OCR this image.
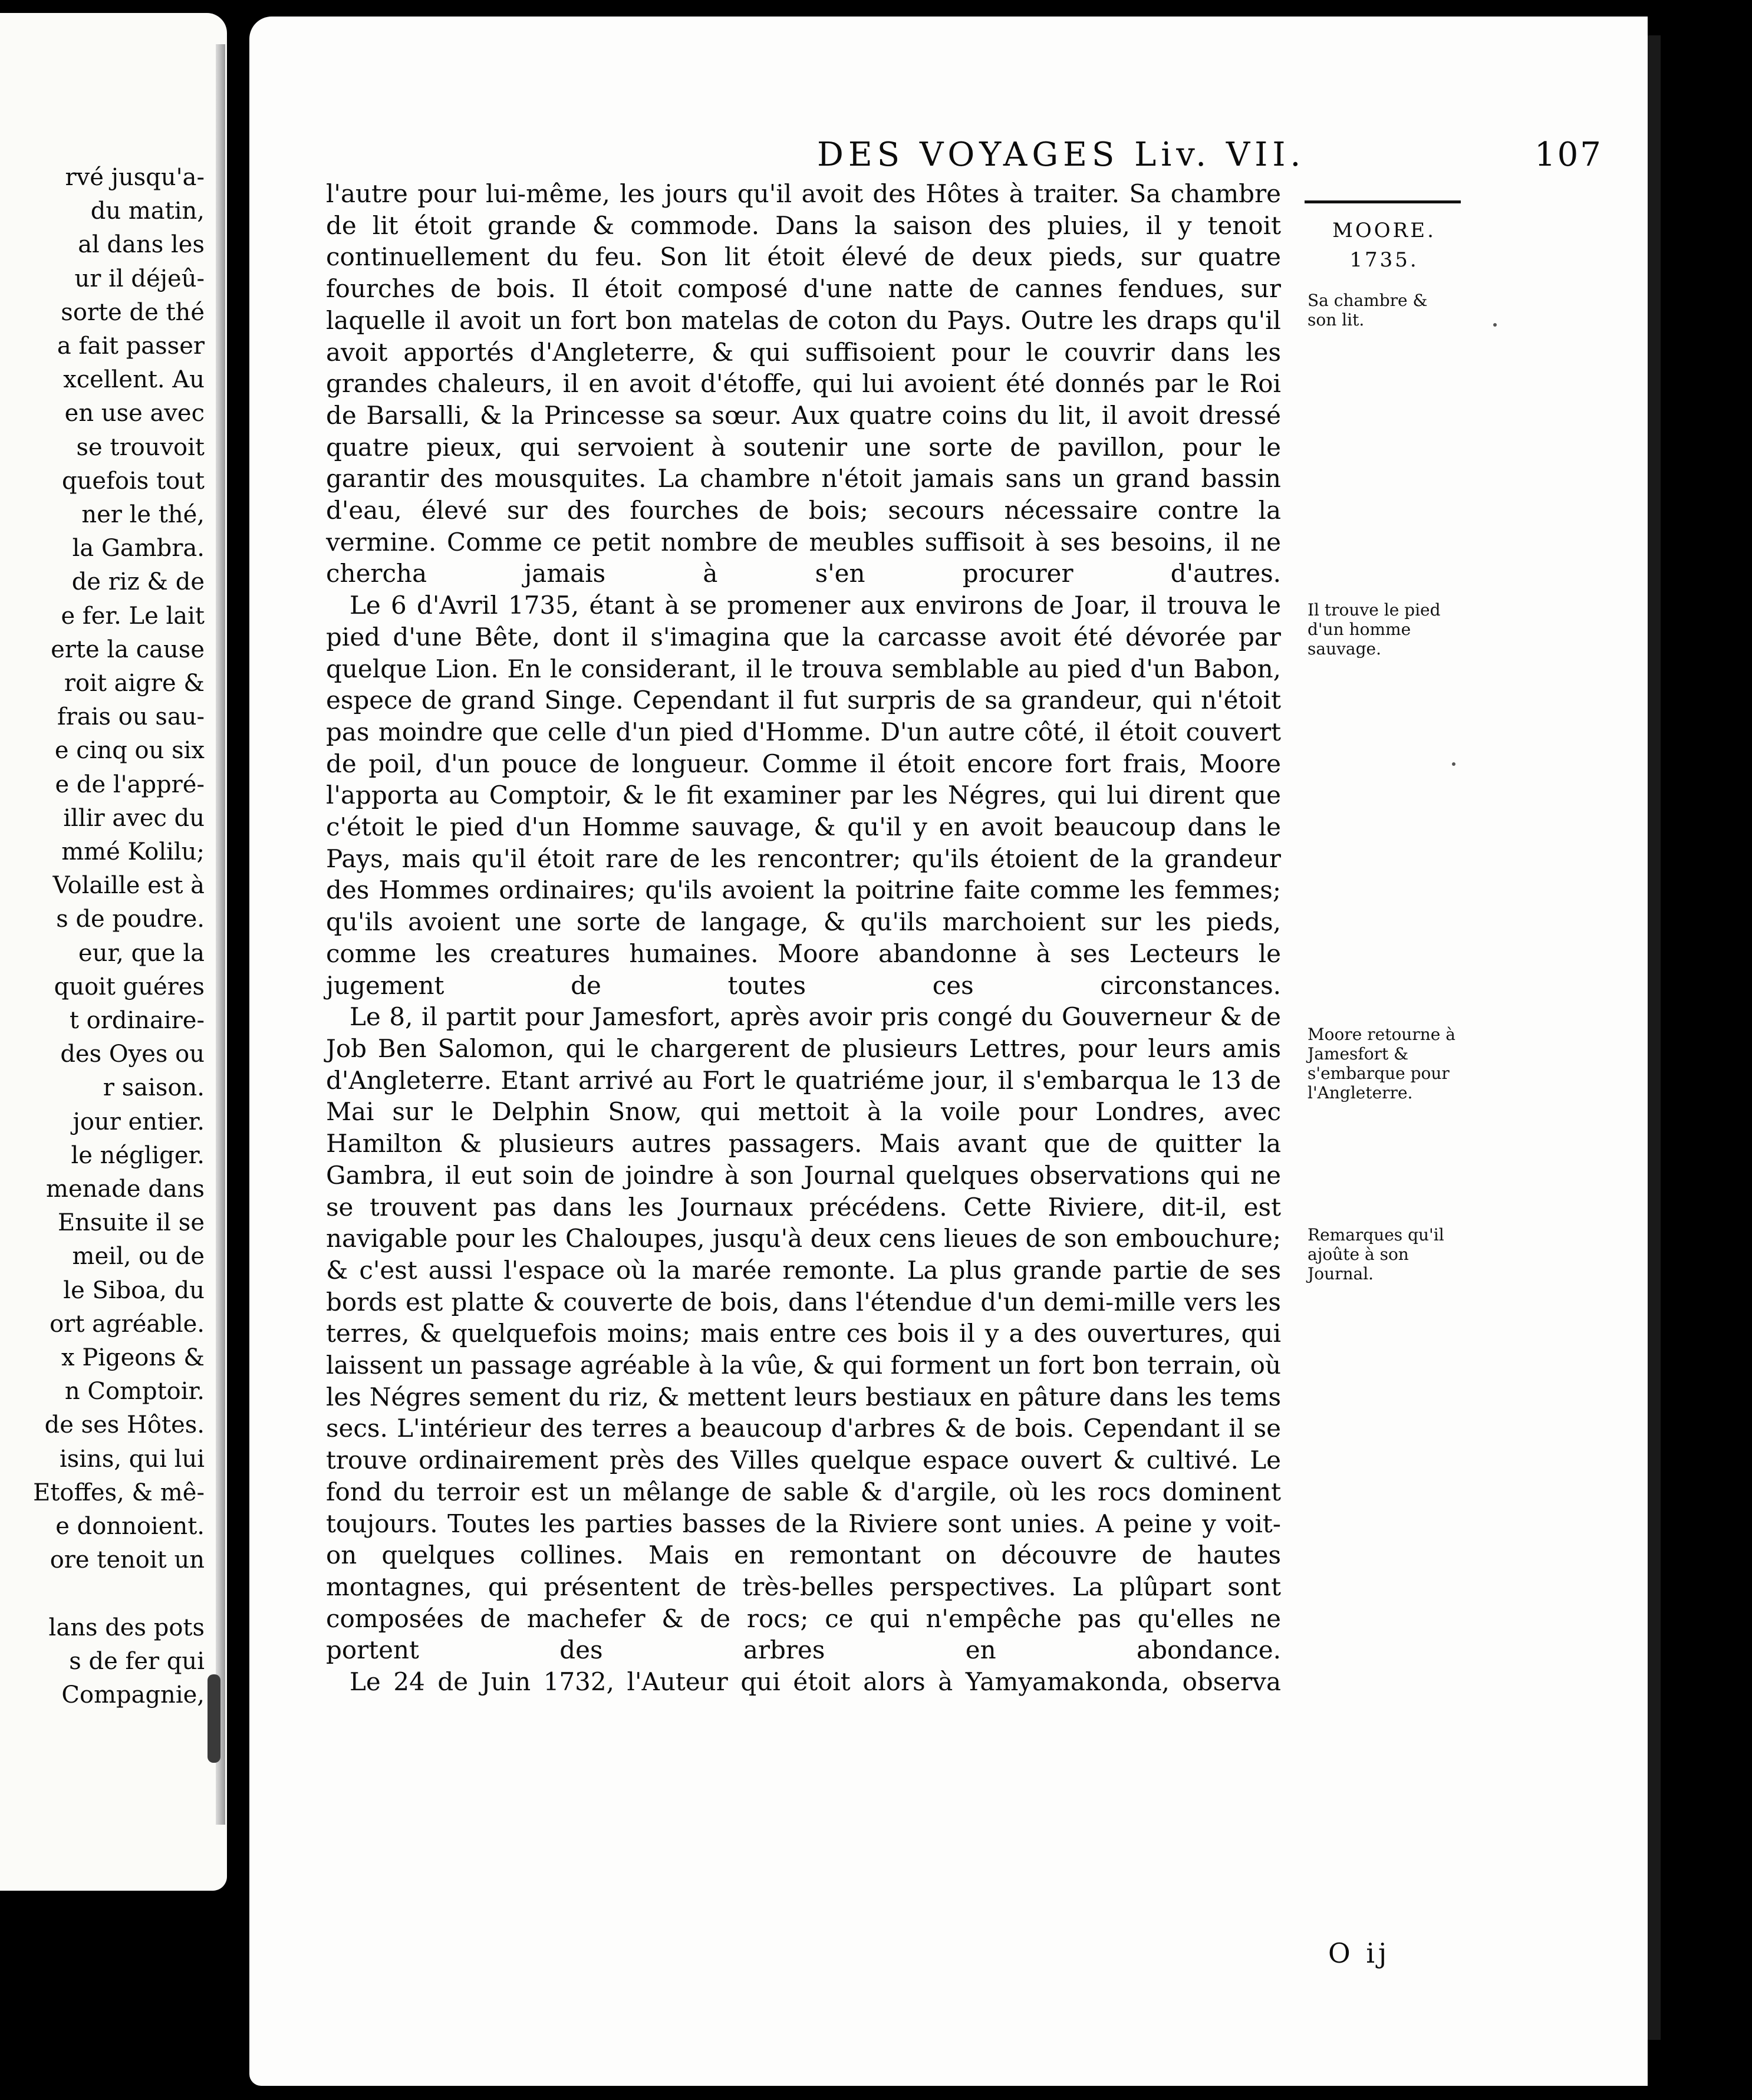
rvé jusqu'a-
du matin,
al dans les
ur il déjeû-
sorte de thé
a fait passer
xcellent. Au
en use avec
se trouvoit
quefois tout
ner le thé,
la Gambra.
de riz & de
e fer. Le lait
erte la cause
roit aigre &
frais ou sau-
e cinq ou six
e de l'appré-
illir avec du
mmé Kolilu;
Volaille est à
s de poudre.
eur, que la
quoit guéres
t ordinaire-
des Oyes ou
r saison.
jour entier.
le négliger.
menade dans
Ensuite il se
meil, ou de
le Siboa, du
ort agréable.
x Pigeons &
n Comptoir.
de ses Hôtes.
isins, qui lui
Etoffes, & mê-
e donnoient.
ore tenoit un
lans des pots
s de fer qui
Compagnie,
DES VOYAGES Liv. VII.	107
MOORE.
1735.
Sa chambre & son lit.
Il trouve le pied d'un homme sauvage.
Moore retourne à Jamesfort & s'embarque pour l'Angleterre.
Remarques qu'il ajoûte à son Journal.

l'autre pour lui-même, les jours qu'il avoit des Hôtes à traiter. Sa chambre de lit étoit grande & commode. Dans la saison des pluies, il y tenoit continuellement du feu. Son lit étoit élevé de deux pieds, sur quatre fourches de bois. Il étoit composé d'une natte de cannes fendues, sur laquelle il avoit un fort bon matelas de coton du Pays. Outre les draps qu'il avoit apportés d'Angleterre, & qui suffisoient pour le couvrir dans les grandes chaleurs, il en avoit d'étoffe, qui lui avoient été donnés par le Roi de Barsalli, & la Princesse sa sœur. Aux quatre coins du lit, il avoit dressé quatre pieux, qui servoient à soutenir une sorte de pavillon, pour le garantir des mousquites. La chambre n'étoit jamais sans un grand bassin d'eau, élevé sur des fourches de bois; secours nécessaire contre la vermine. Comme ce petit nombre de meubles suffisoit à ses besoins, il ne chercha jamais à s'en procurer d'autres.

Le 6 d'Avril 1735, étant à se promener aux environs de Joar, il trouva le pied d'une Bête, dont il s'imagina que la carcasse avoit été dévorée par quelque Lion. En le considerant, il le trouva semblable au pied d'un Babon, espece de grand Singe. Cependant il fut surpris de sa grandeur, qui n'étoit pas moindre que celle d'un pied d'Homme. D'un autre côté, il étoit couvert de poil, d'un pouce de longueur. Comme il étoit encore fort frais, Moore l'apporta au Comptoir, & le fit examiner par les Négres, qui lui dirent que c'étoit le pied d'un Homme sauvage, & qu'il y en avoit beaucoup dans le Pays, mais qu'il étoit rare de les rencontrer; qu'ils étoient de la grandeur des Hommes ordinaires; qu'ils avoient la poitrine faite comme les femmes; qu'ils avoient une sorte de langage, & qu'ils marchoient sur les pieds, comme les creatures humaines. Moore abandonne à ses Lecteurs le jugement de toutes ces circonstances.

Le 8, il partit pour Jamesfort, après avoir pris congé du Gouverneur & de Job Ben Salomon, qui le chargerent de plusieurs Lettres, pour leurs amis d'Angleterre. Etant arrivé au Fort le quatriéme jour, il s'embarqua le 13 de Mai sur le Delphin Snow, qui mettoit à la voile pour Londres, avec Hamilton & plusieurs autres passagers. Mais avant que de quitter la Gambra, il eut soin de joindre à son Journal quelques observations qui ne se trouvent pas dans les Journaux précédens. Cette Riviere, dit-il, est navigable pour les Chaloupes, jusqu'à deux cens lieues de son embouchure; & c'est aussi l'espace où la marée remonte. La plus grande partie de ses bords est platte & couverte de bois, dans l'étendue d'un demi-mille vers les terres, & quelquefois moins; mais entre ces bois il y a des ouvertures, qui laissent un passage agréable à la vûe, & qui forment un fort bon terrain, où les Négres sement du riz, & mettent leurs bestiaux en pâture dans les tems secs. L'intérieur des terres a beaucoup d'arbres & de bois. Cependant il se trouve ordinairement près des Villes quelque espace ouvert & cultivé. Le fond du terroir est un mêlange de sable & d'argile, où les rocs dominent toujours. Toutes les parties basses de la Riviere sont unies. A peine y voit-on quelques collines. Mais en remontant on découvre de hautes montagnes, qui présentent de très-belles perspectives. La plûpart sont composées de machefer & de rocs; ce qui n'empêche pas qu'elles ne portent des arbres en abondance.

Le 24 de Juin 1732, l'Auteur qui étoit alors à Yamyamakonda, observa

O ij
